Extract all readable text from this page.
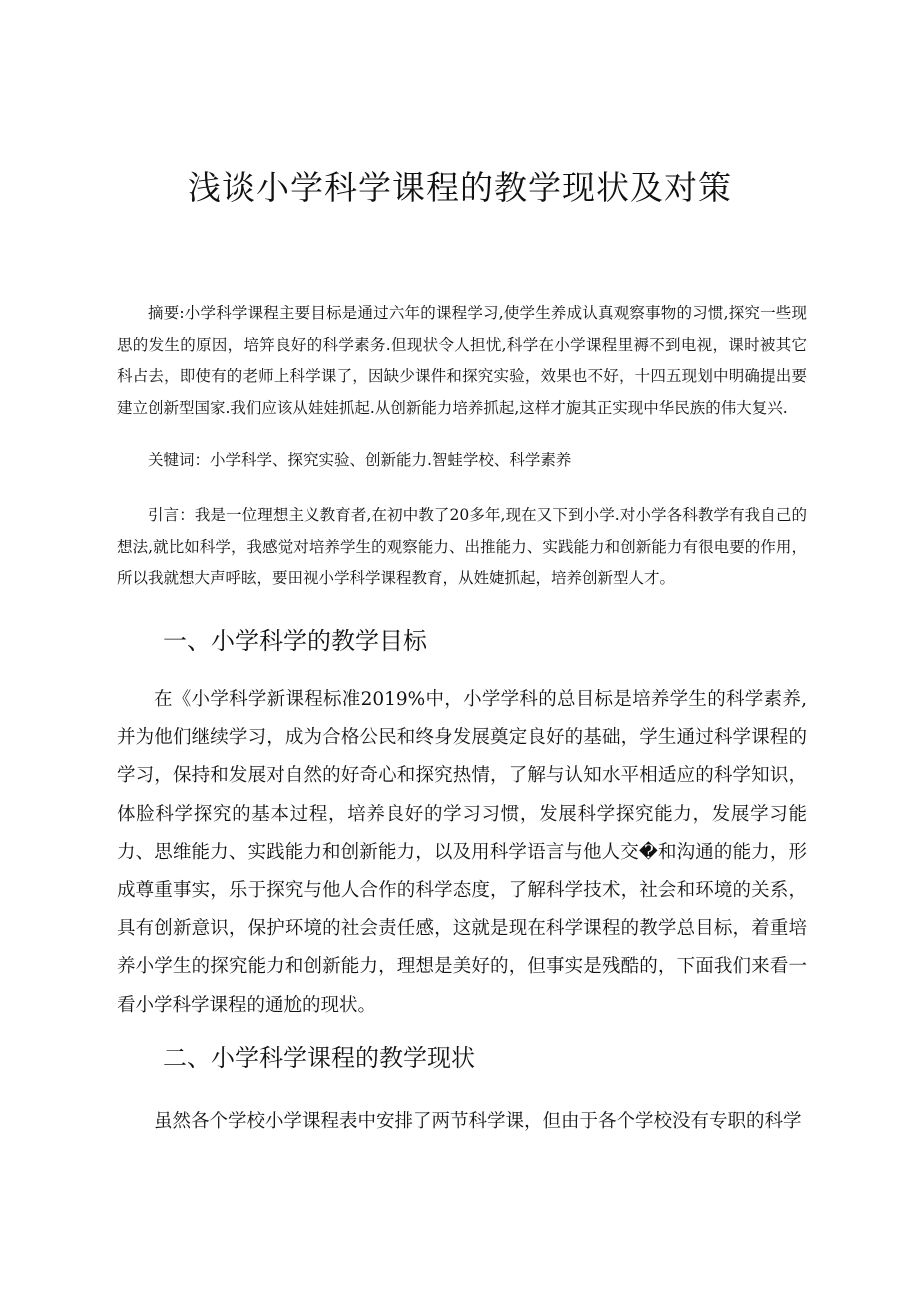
浅谈小学科学课程的教学现状及对策

摘要:小学科学课程主要目标是通过六年的课程学习,使学生养成认真观察事物的习惯,探究一些现思的发生的原因，培笄良好的科学素务.但现状令人担忧,科学在小学课程里褥不到电视，课时被其它科占去，即使有的老师上科学课了，因缺少课件和探究实验，效果也不好，十四五现划中明确提出要建立创新型国家.我们应该从娃娃抓起.从创新能力培养抓起,这样才旎其正实现中华民族的伟大复兴.

关犍词：小学科学、探究实验、创新能力.智蛙学校、科学素养

引言：我是一位理想主义教育者,在初中教了20多年,现在又下到小学.对小学各科教学有我自己的想法,就比如科学，我感觉对培养学生的观察能力、出推能力、实践能力和创新能力有很电要的作用，所以我就想大声呼眩，要田视小学科学课程教育，从姓婕抓起，培养创新型人才。

一、小学科学的教学目标

在《小学科学新课程标准2019%中，小学学科的总目标是培养学生的科学素养,并为他们继续学习，成为合格公民和终身发展奠定良好的基础，学生通过科学课程的学习，保持和发展对自然的好奇心和探究热情，了解与认知水平相适应的科学知识，体脸科学探究的基本过程，培养良好的学习习惯，发展科学探究能力，发展学习能力、思维能力、实践能力和创新能力，以及用科学语言与他人交�和沟通的能力，形成尊重事实，乐于探究与他人合作的科学态度，了解科学技术，社会和环境的关系，具有创新意识，保护环境的社会责任感，这就是现在科学课程的教学总目标，着重培养小学生的探究能力和创新能力，理想是美好的，但事实是残酷的，下面我们来看一看小学科学课程的通尬的现状。

二、小学科学课程的教学现状

虽然各个学校小学课程表中安排了两节科学课，但由于各个学校没有专职的科学
